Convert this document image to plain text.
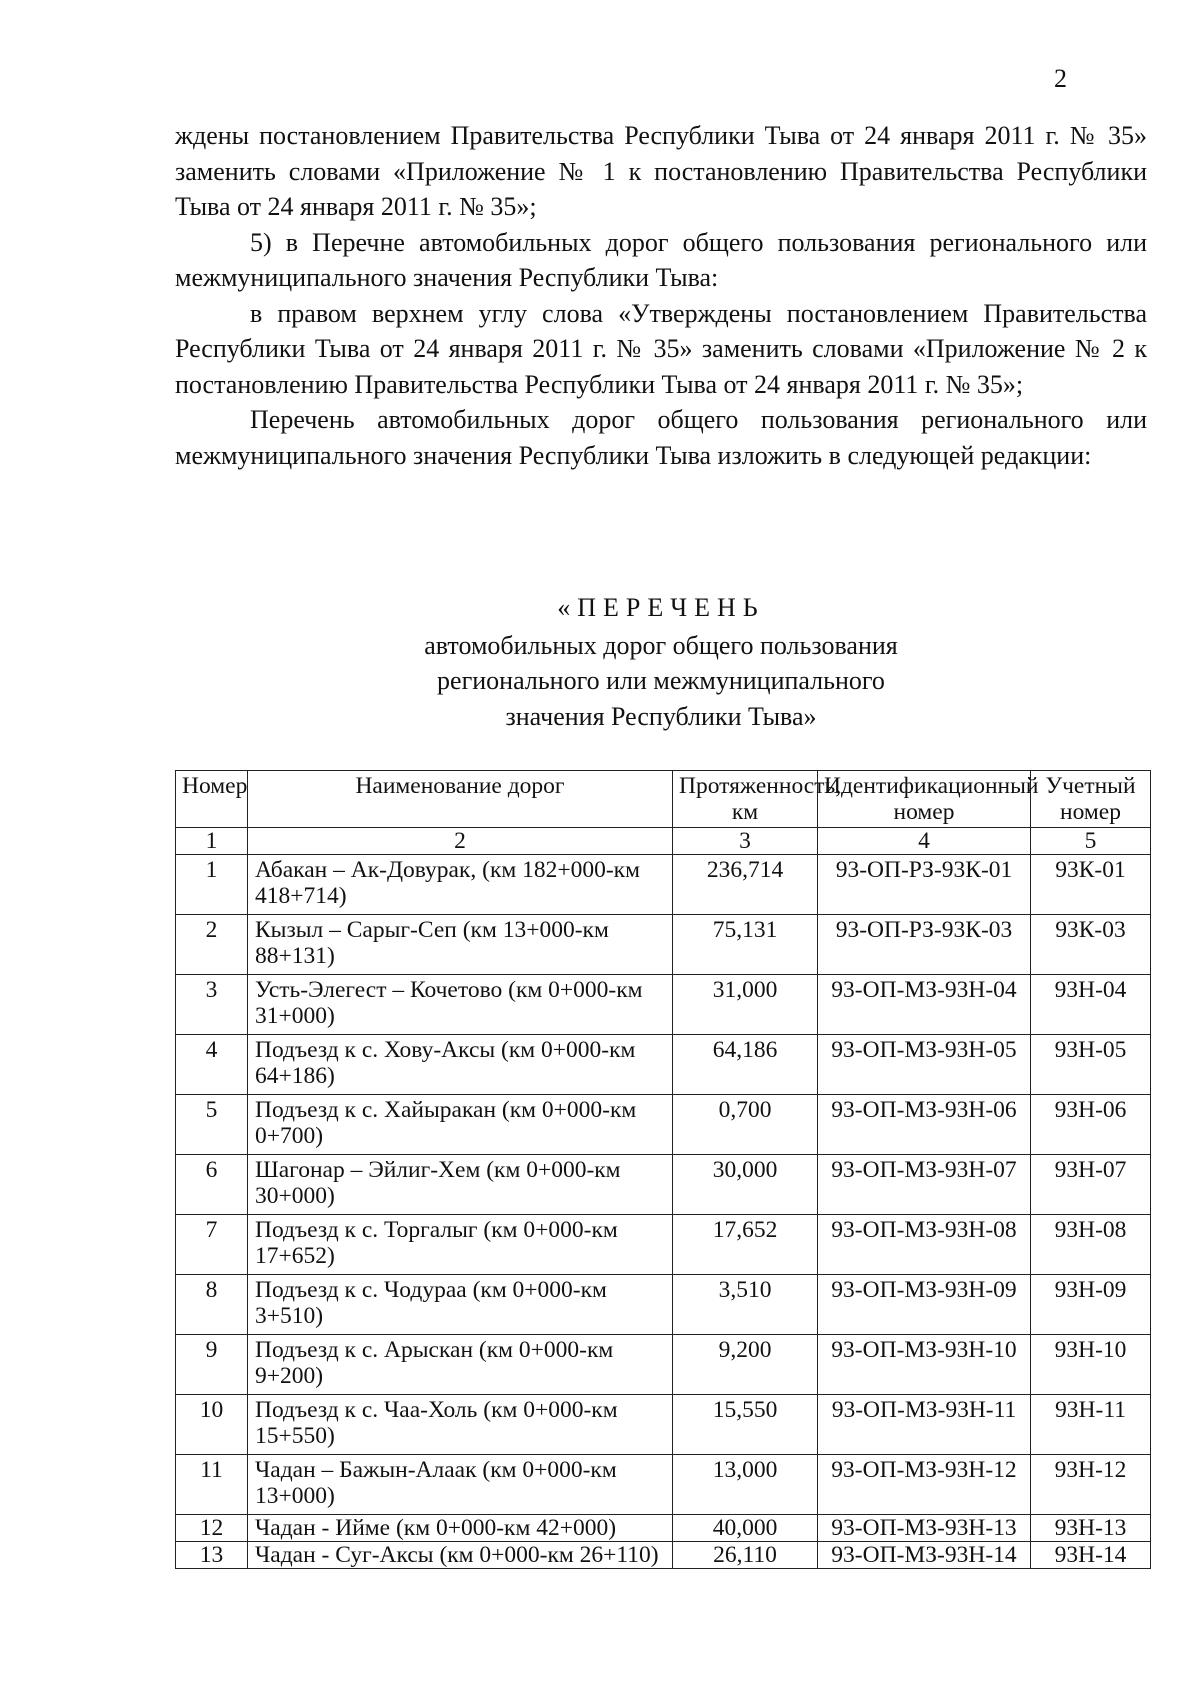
2

ждены постановлением Правительства Республики Тыва от 24 января 2011 г. № 35» заменить словами «Приложение № 1 к постановлению Правительства Республики Тыва от 24 января 2011 г. № 35»;

5) в Перечне автомобильных дорог общего пользования регионального или межмуниципального значения Республики Тыва:

в правом верхнем углу слова «Утверждены постановлением Правительства Республики Тыва от 24 января 2011 г. № 35» заменить словами «Приложение № 2 к постановлению Правительства Республики Тыва от 24 января 2011 г. № 35»;

Перечень автомобильных дорог общего пользования регионального или межмуниципального значения Республики Тыва изложить в следующей редакции:

«ПЕРЕЧЕНЬ
автомобильных дорог общего пользования
регионального или межмуниципального
значения Республики Тыва»
Номер	Наименование дорог	Протяженность, км	Идентификационный номер	Учетный номер
1	2	3	4	5
1	Абакан – Ак-Довурак, (км 182+000-км 418+714)	236,714	93-ОП-РЗ-93К-01	93К-01
2	Кызыл – Сарыг-Сеп (км 13+000-км 88+131)	75,131	93-ОП-РЗ-93К-03	93К-03
3	Усть-Элегест – Кочетово (км 0+000-км 31+000)	31,000	93-ОП-МЗ-93Н-04	93Н-04
4	Подъезд к с. Хову-Аксы (км 0+000-км 64+186)	64,186	93-ОП-МЗ-93Н-05	93Н-05
5	Подъезд к с. Хайыракан (км 0+000-км 0+700)	0,700	93-ОП-МЗ-93Н-06	93Н-06
6	Шагонар – Эйлиг-Хем (км 0+000-км 30+000)	30,000	93-ОП-МЗ-93Н-07	93Н-07
7	Подъезд к с. Торгалыг (км 0+000-км 17+652)	17,652	93-ОП-МЗ-93Н-08	93Н-08
8	Подъезд к с. Чодураа (км 0+000-км 3+510)	3,510	93-ОП-МЗ-93Н-09	93Н-09
9	Подъезд к с. Арыскан (км 0+000-км 9+200)	9,200	93-ОП-МЗ-93Н-10	93Н-10
10	Подъезд к с. Чаа-Холь (км 0+000-км 15+550)	15,550	93-ОП-МЗ-93Н-11	93Н-11
11	Чадан – Бажын-Алаак (км 0+000-км 13+000)	13,000	93-ОП-МЗ-93Н-12	93Н-12
12	Чадан - Ийме (км 0+000-км 42+000)	40,000	93-ОП-МЗ-93Н-13	93Н-13
13	Чадан - Суг-Аксы (км 0+000-км 26+110)	26,110	93-ОП-МЗ-93Н-14	93Н-14
